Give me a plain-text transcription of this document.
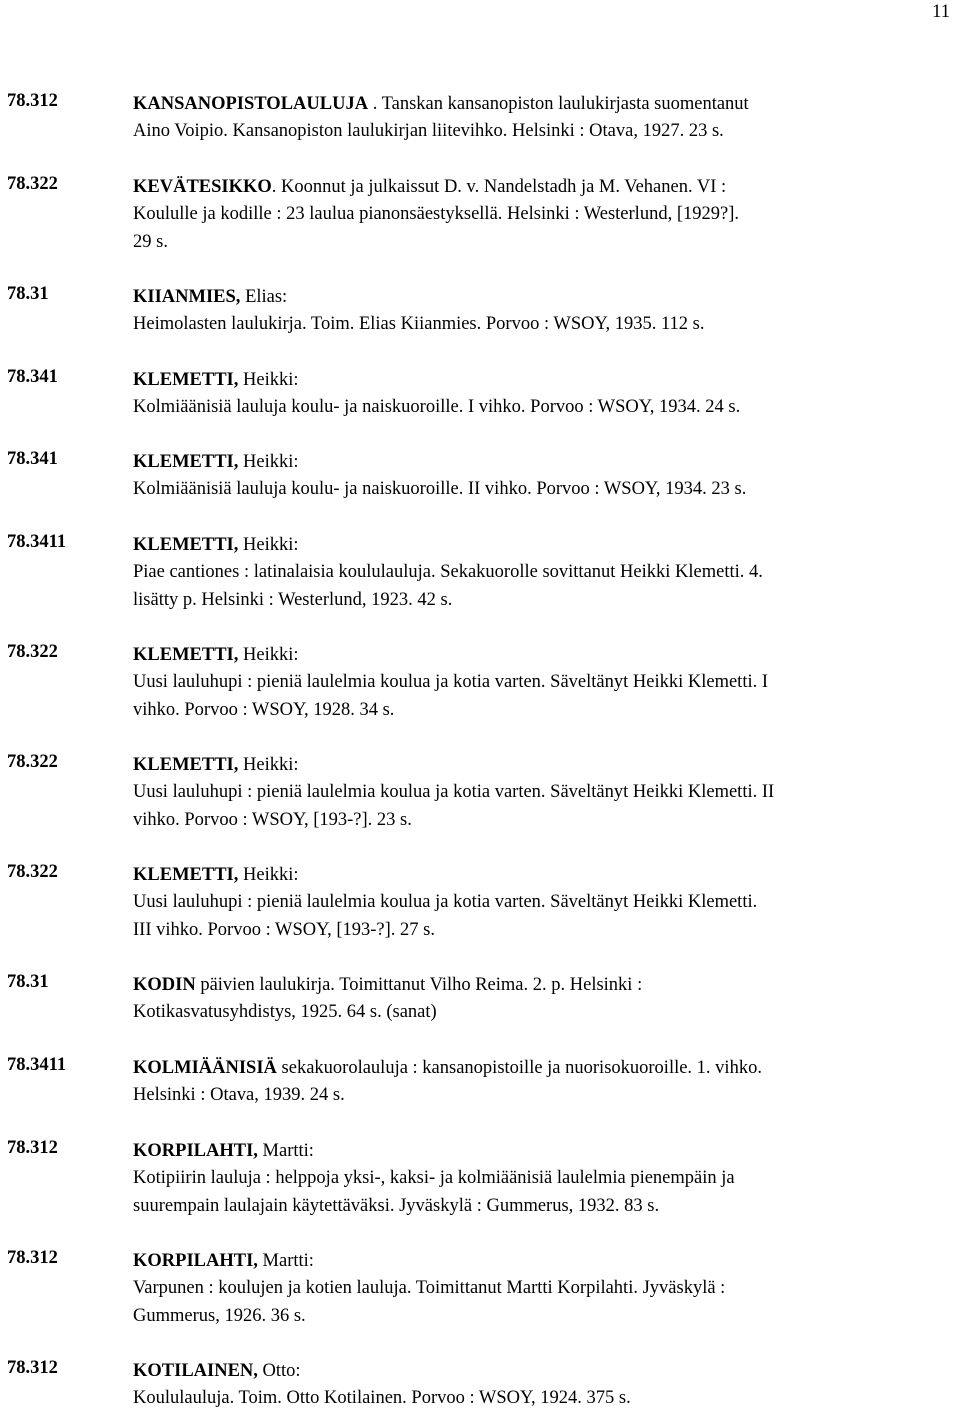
11
78.312	KANSANOPISTOLAULUJA . Tanskan kansanopiston laulukirjasta suomentanut
Aino Voipio. Kansanopiston laulukirjan liitevihko. Helsinki : Otava, 1927. 23 s.
78.322	KEVÄTESIKKO. Koonnut ja julkaissut D. v. Nandelstadh ja M. Vehanen. VI :
Koululle ja kodille : 23 laulua pianonsäestyksellä. Helsinki : Westerlund, [1929?].
29 s.
78.31	KIIANMIES, Elias:
Heimolasten laulukirja. Toim. Elias Kiianmies. Porvoo : WSOY, 1935. 112 s.
78.341	KLEMETTI, Heikki:
Kolmiäänisiä lauluja koulu- ja naiskuoroille. I vihko. Porvoo : WSOY, 1934. 24 s.
78.341	KLEMETTI, Heikki:
Kolmiäänisiä lauluja koulu- ja naiskuoroille. II vihko. Porvoo : WSOY, 1934. 23 s.
78.3411	KLEMETTI, Heikki:
Piae cantiones : latinalaisia koululauluja. Sekakuorolle sovittanut Heikki Klemetti. 4.
lisätty p. Helsinki : Westerlund, 1923. 42 s.
78.322	KLEMETTI, Heikki:
Uusi lauluhupi : pieniä laulelmia koulua ja kotia varten. Säveltänyt Heikki Klemetti. I
vihko. Porvoo : WSOY, 1928. 34 s.
78.322	KLEMETTI, Heikki:
Uusi lauluhupi : pieniä laulelmia koulua ja kotia varten. Säveltänyt Heikki Klemetti. II
vihko. Porvoo : WSOY, [193-?]. 23 s.
78.322	KLEMETTI, Heikki:
Uusi lauluhupi : pieniä laulelmia koulua ja kotia varten. Säveltänyt Heikki Klemetti.
III vihko. Porvoo : WSOY, [193-?]. 27 s.
78.31	KODIN päivien laulukirja. Toimittanut Vilho Reima. 2. p. Helsinki :
Kotikasvatusyhdistys, 1925. 64 s. (sanat)
78.3411	KOLMIÄÄNISIÄ sekakuorolauluja : kansanopistoille ja nuorisokuoroille. 1. vihko.
Helsinki : Otava, 1939. 24 s.
78.312	KORPILAHTI, Martti:
Kotipiirin lauluja : helppoja yksi-, kaksi- ja kolmiäänisiä laulelmia pienempäin ja
suurempain laulajain käytettäväksi. Jyväskylä : Gummerus, 1932. 83 s.
78.312	KORPILAHTI, Martti:
Varpunen : koulujen ja kotien lauluja. Toimittanut Martti Korpilahti. Jyväskylä :
Gummerus, 1926. 36 s.
78.312	KOTILAINEN, Otto:
Koululauluja. Toim. Otto Kotilainen. Porvoo : WSOY, 1924. 375 s.
